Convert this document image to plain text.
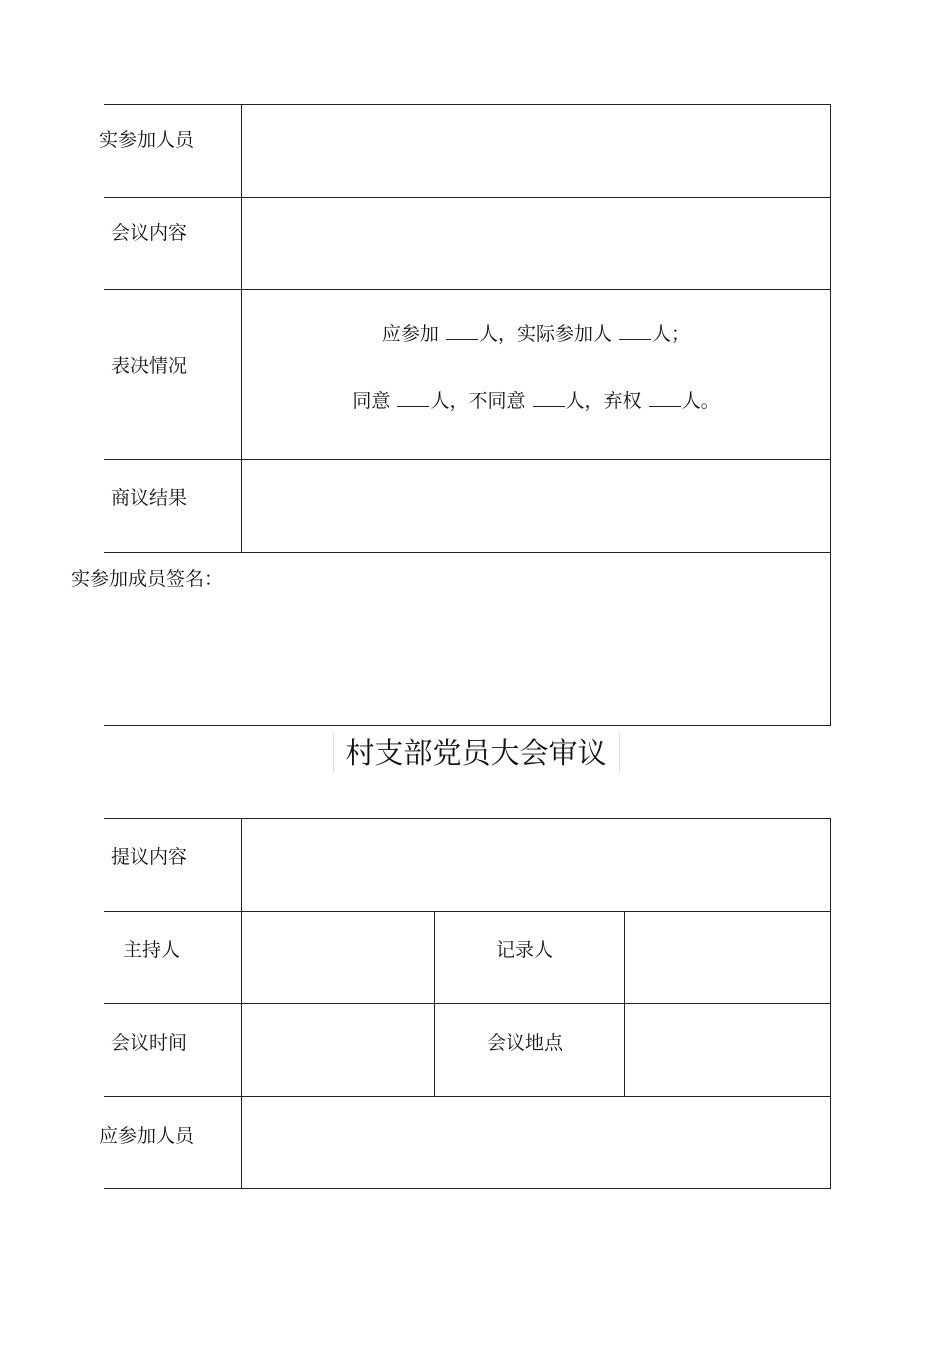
实参加人员
会议内容
表决情况
应参加 人，实际参加人 人；
同意 人，不同意 人，弃权 人。
商议结果
实参加成员签名：
村支部党员大会审议
提议内容
主持人	记录人
会议时间	会议地点
应参加人员
